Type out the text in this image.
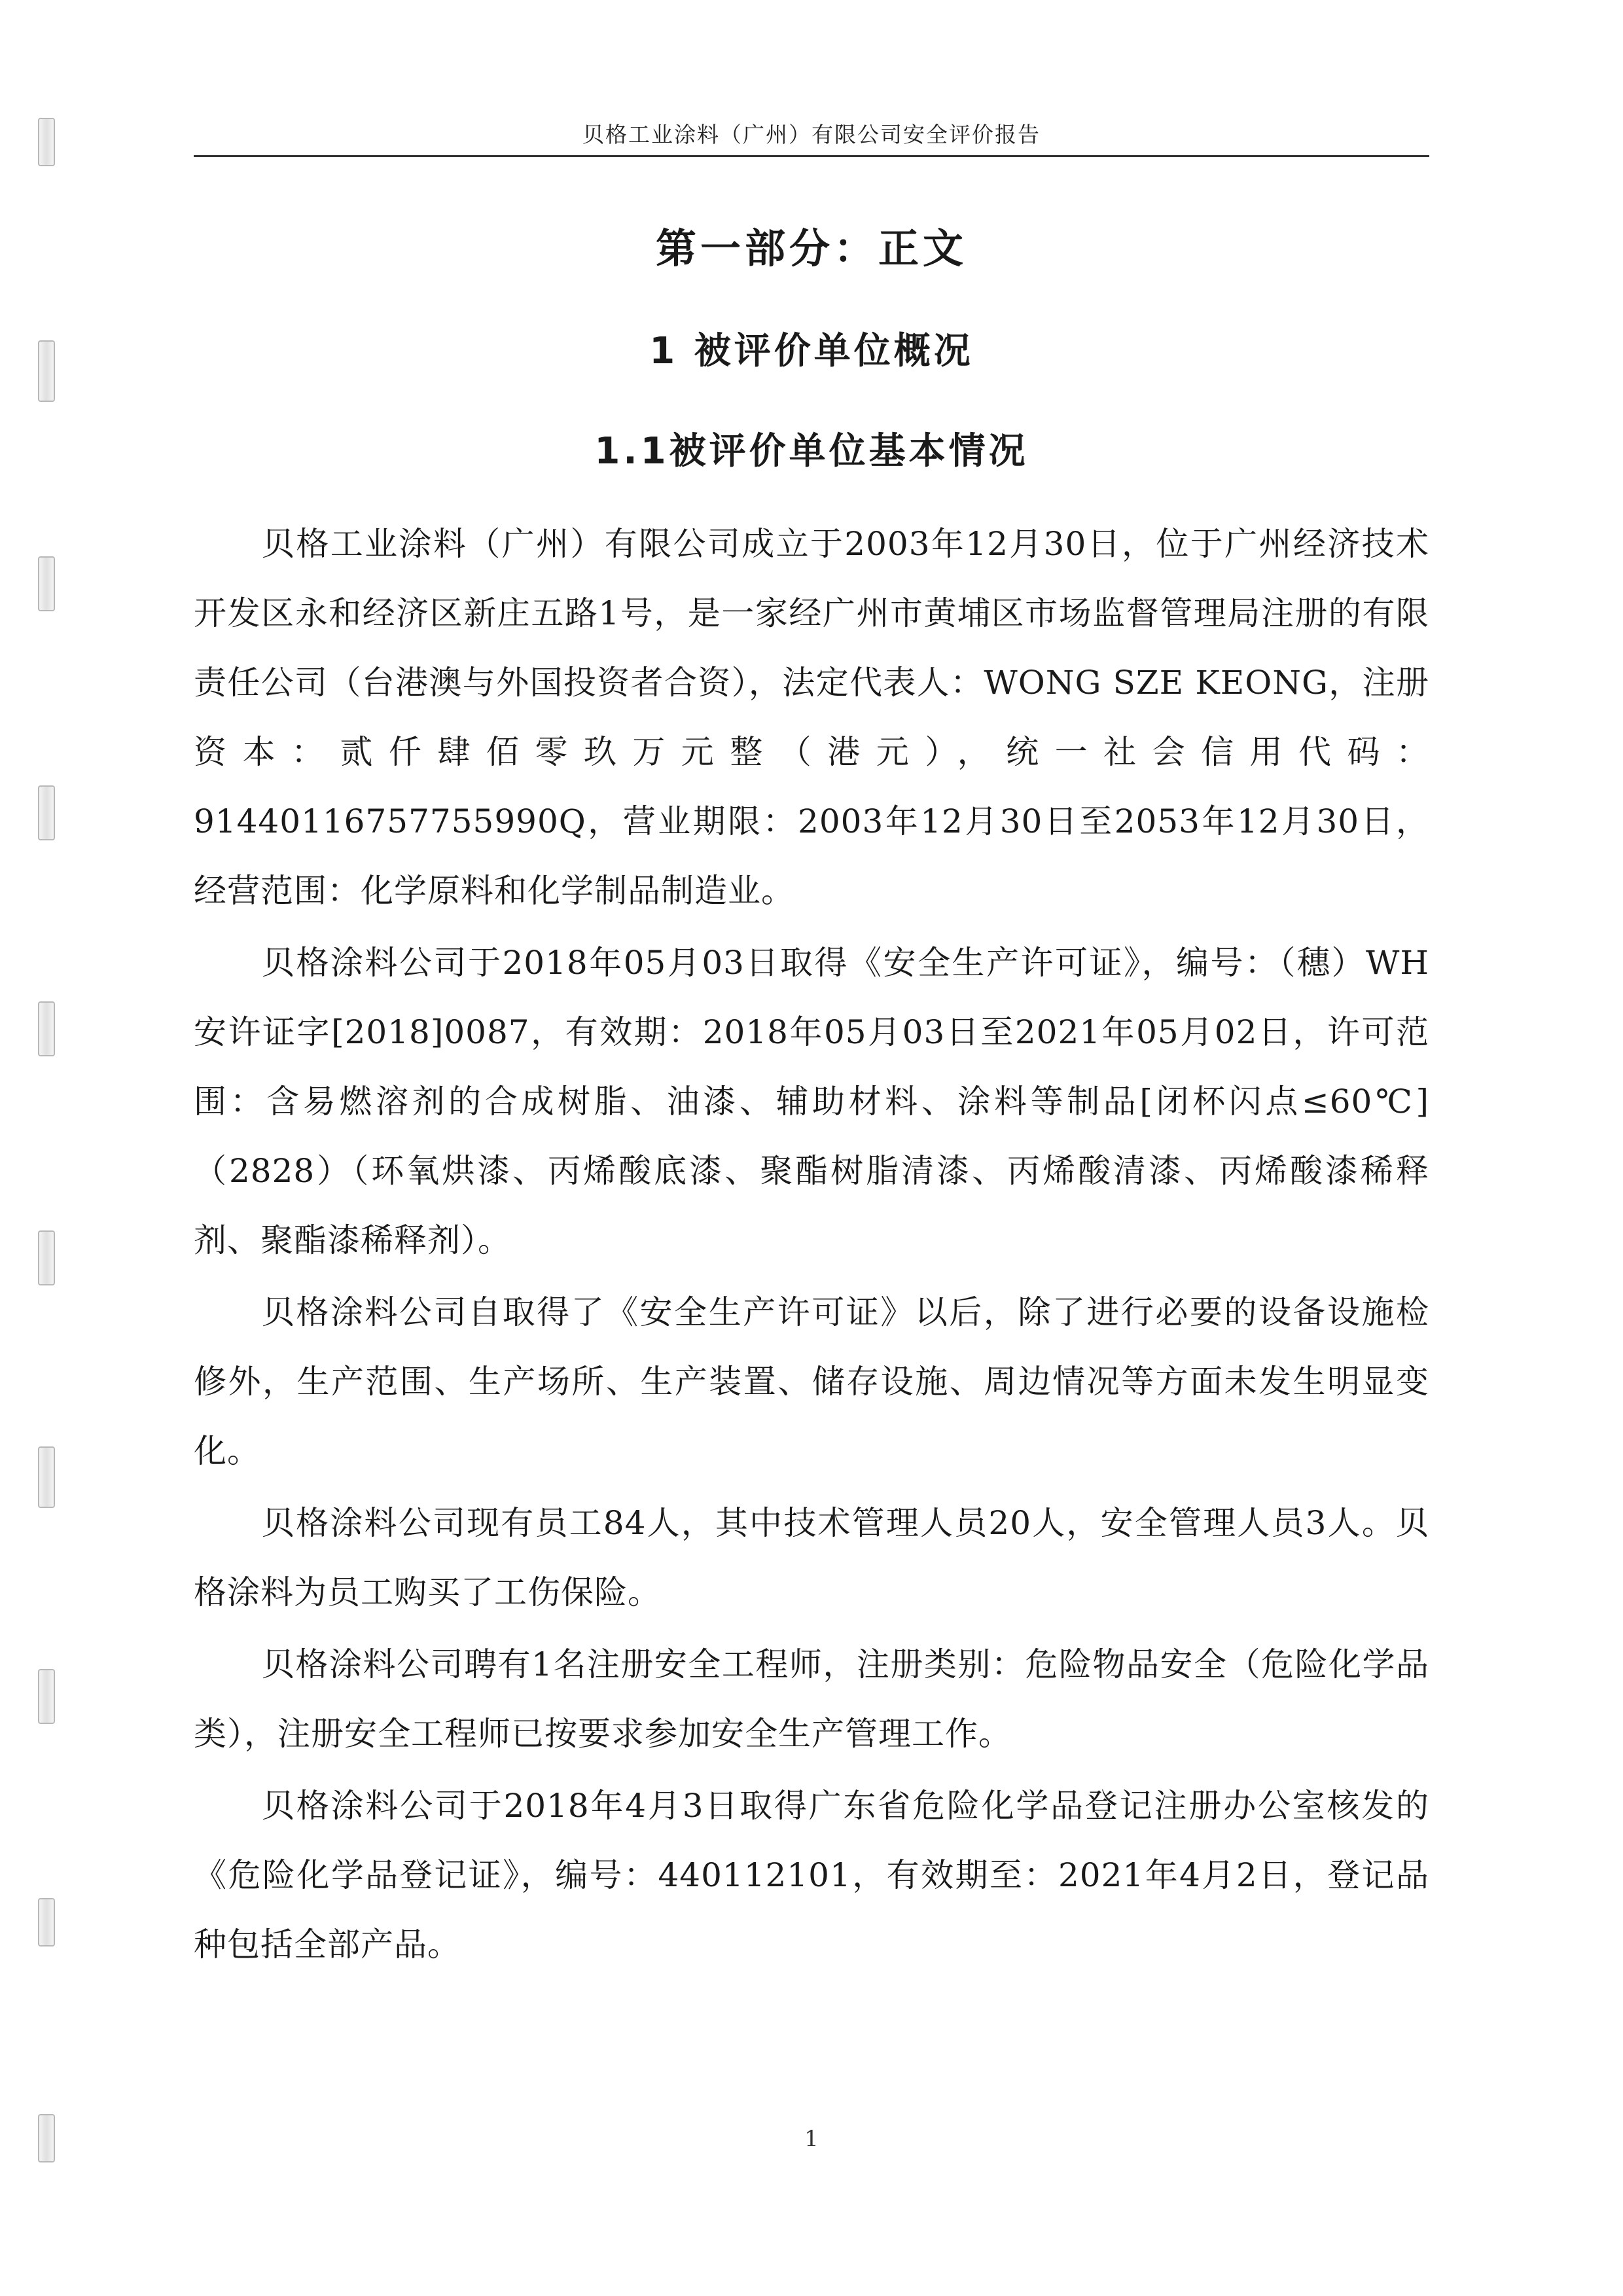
贝格工业涂料（广州）有限公司安全评价报告
第一部分：正文
1 被评价单位概况
1.1被评价单位基本情况

贝格工业涂料（广州）有限公司成立于2003年12月30日，位于广州经济技术开发区永和经济区新庄五路1号，是一家经广州市黄埔区市场监督管理局注册的有限责任公司（台港澳与外国投资者合资），法定代表人：WONG SZE KEONG，注册资本：贰仟肆佰零玖万元整（港元），统一社会信用代码：91440116757755990Q，营业期限：2003年12月30日至2053年12月30日，经营范围：化学原料和化学制品制造业。

贝格涂料公司于2018年05月03日取得《安全生产许可证》，编号：（穗）WH安许证字[2018]0087，有效期：2018年05月03日至2021年05月02日，许可范围：含易燃溶剂的合成树脂、油漆、辅助材料、涂料等制品[闭杯闪点≤60℃]（2828）（环氧烘漆、丙烯酸底漆、聚酯树脂清漆、丙烯酸清漆、丙烯酸漆稀释剂、聚酯漆稀释剂）。

贝格涂料公司自取得了《安全生产许可证》以后，除了进行必要的设备设施检修外，生产范围、生产场所、生产装置、储存设施、周边情况等方面未发生明显变化。

贝格涂料公司现有员工84人，其中技术管理人员20人，安全管理人员3人。贝格涂料为员工购买了工伤保险。

贝格涂料公司聘有1名注册安全工程师，注册类别：危险物品安全（危险化学品类），注册安全工程师已按要求参加安全生产管理工作。

贝格涂料公司于2018年4月3日取得广东省危险化学品登记注册办公室核发的《危险化学品登记证》，编号：440112101，有效期至：2021年4月2日，登记品种包括全部产品。

1
